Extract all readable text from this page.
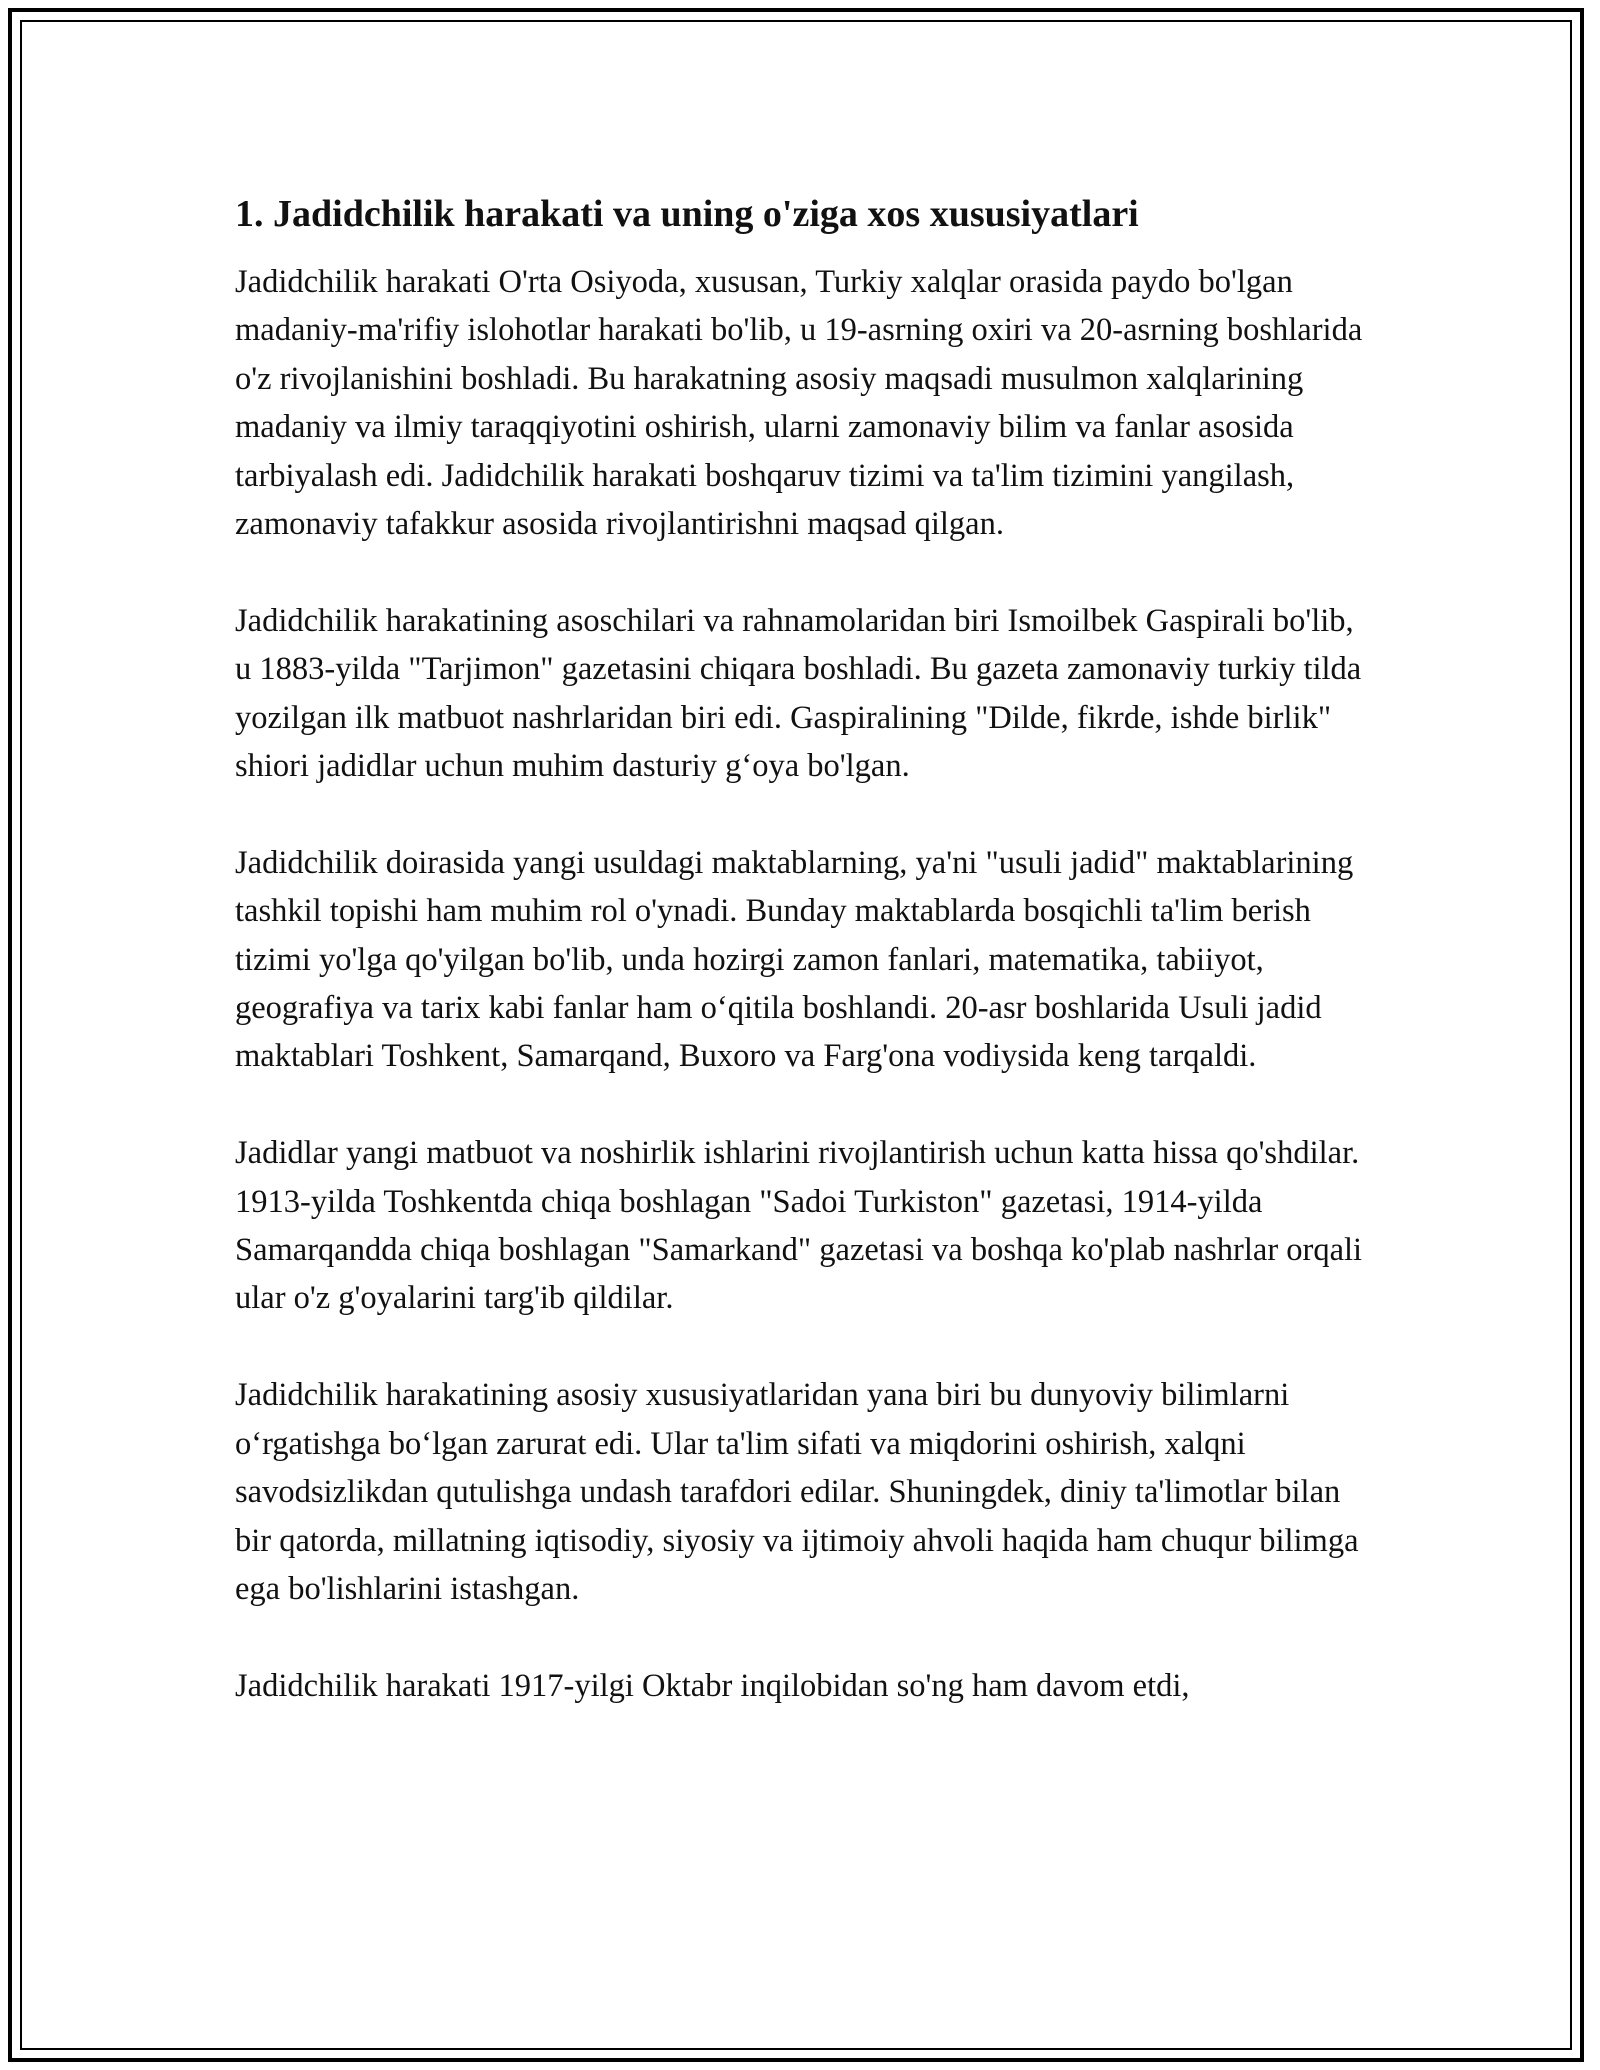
1. Jadidchilik harakati va uning o'ziga xos xususiyatlari

Jadidchilik harakati O'rta Osiyoda, xususan, Turkiy xalqlar orasida paydo bo'lgan madaniy-ma'rifiy islohotlar harakati bo'lib, u 19-asrning oxiri va 20-asrning boshlarida o'z rivojlanishini boshladi. Bu harakatning asosiy maqsadi musulmon xalqlarining madaniy va ilmiy taraqqiyotini oshirish, ularni zamonaviy bilim va fanlar asosida tarbiyalash edi. Jadidchilik harakati boshqaruv tizimi va ta'lim tizimini yangilash, zamonaviy tafakkur asosida rivojlantirishni maqsad qilgan.

Jadidchilik harakatining asoschilari va rahnamolaridan biri Ismoilbek Gaspirali bo'lib, u 1883-yilda "Tarjimon" gazetasini chiqara boshladi. Bu gazeta zamonaviy turkiy tilda yozilgan ilk matbuot nashrlaridan biri edi. Gaspiralining "Dilde, fikrde, ishde birlik" shiori jadidlar uchun muhim dasturiy g‘oya bo'lgan.

Jadidchilik doirasida yangi usuldagi maktablarning, ya'ni "usuli jadid" maktablarining tashkil topishi ham muhim rol o'ynadi. Bunday maktablarda bosqichli ta'lim berish tizimi yo'lga qo'yilgan bo'lib, unda hozirgi zamon fanlari, matematika, tabiiyot, geografiya va tarix kabi fanlar ham o‘qitila boshlandi. 20-asr boshlarida Usuli jadid maktablari Toshkent, Samarqand, Buxoro va Farg'ona vodiysida keng tarqaldi.

Jadidlar yangi matbuot va noshirlik ishlarini rivojlantirish uchun katta hissa qo'shdilar. 1913-yilda Toshkentda chiqa boshlagan "Sadoi Turkiston" gazetasi, 1914-yilda Samarqandda chiqa boshlagan "Samarkand" gazetasi va boshqa ko'plab nashrlar orqali ular o'z g'oyalarini targ'ib qildilar.

Jadidchilik harakatining asosiy xususiyatlaridan yana biri bu dunyoviy bilimlarni o‘rgatishga bo‘lgan zarurat edi. Ular ta'lim sifati va miqdorini oshirish, xalqni savodsizlikdan qutulishga undash tarafdori edilar. Shuningdek, diniy ta'limotlar bilan bir qatorda, millatning iqtisodiy, siyosiy va ijtimoiy ahvoli haqida ham chuqur bilimga ega bo'lishlarini istashgan.

Jadidchilik harakati 1917-yilgi Oktabr inqilobidan so'ng ham davom etdi,
